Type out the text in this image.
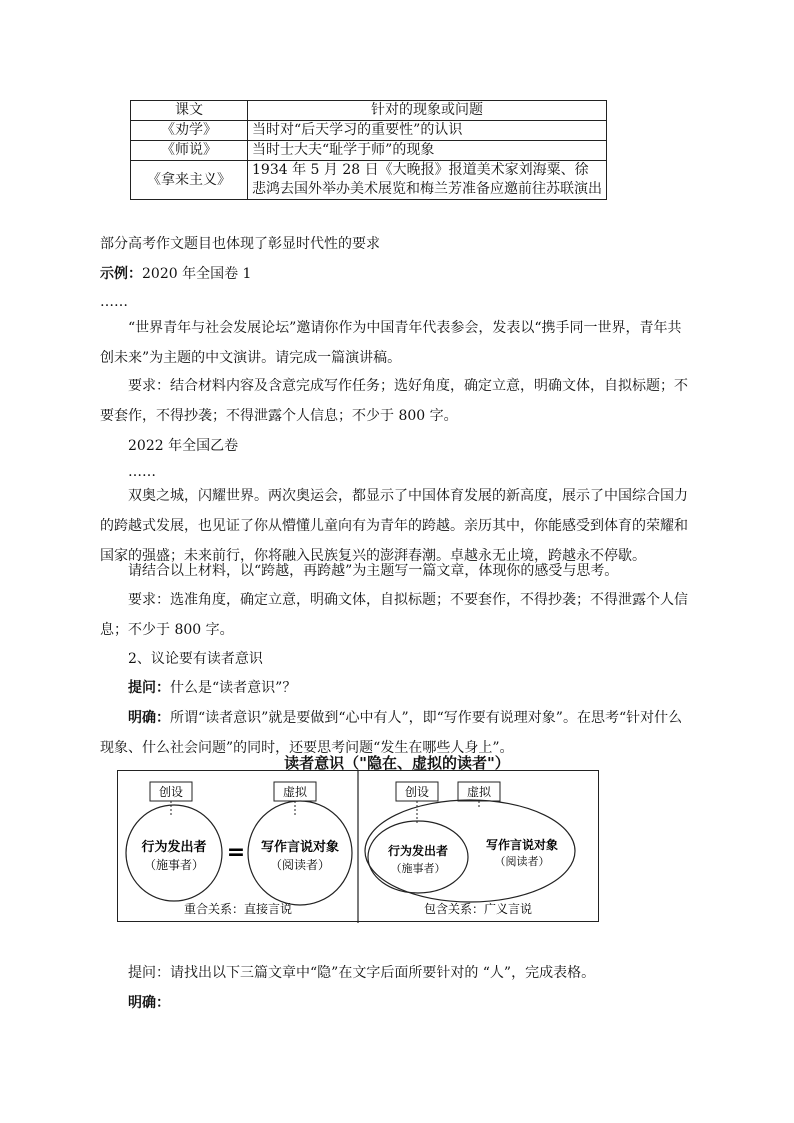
课文	针对的现象或问题
《劝学》	当时对“后天学习的重要性”的认识
《师说》	当时士大夫“耻学于师”的现象
《拿来主义》	1934 年 5 月 28 日《大晚报》报道美术家刘海粟、徐悲鸿去国外举办美术展览和梅兰芳准备应邀前往苏联演出

部分高考作文题目也体现了彰显时代性的要求

示例：2020 年全国卷 1

……

“世界青年与社会发展论坛”邀请你作为中国青年代表参会，发表以“携手同一世界，青年共创未来”为主题的中文演讲。请完成一篇演讲稿。

要求：结合材料内容及含意完成写作任务；选好角度，确定立意，明确文体，自拟标题；不要套作，不得抄袭；不得泄露个人信息；不少于 800 字。

2022 年全国乙卷

……

双奥之城，闪耀世界。两次奥运会，都显示了中国体育发展的新高度，展示了中国综合国力的跨越式发展，也见证了你从懵懂儿童向有为青年的跨越。亲历其中，你能感受到体育的荣耀和国家的强盛；未来前行，你将融入民族复兴的澎湃春潮。卓越永无止境，跨越永不停歇。

请结合以上材料，以“跨越，再跨越”为主题写一篇文章，体现你的感受与思考。

要求：选准角度，确定立意，明确文体，自拟标题；不要套作，不得抄袭；不得泄露个人信息；不少于 800 字。

2、议论要有读者意识

提问：什么是“读者意识”？

明确：所谓“读者意识”就是要做到“心中有人”，即“写作要有说理对象”。在思考“针对什么现象、什么社会问题”的同时，还要思考问题“发生在哪些人身上”。

读者意识（"隐在、虚拟的读者"）
创设	虚拟
行为发出者
（施事者） = 写作言说对象
（阅读者）
重合关系：直接言说
创设	虚拟
行为发出者
（施事者）
写作言说对象
（阅读者）
包含关系：广义言说

提问：请找出以下三篇文章中“隐”在文字后面所要针对的 “人”，完成表格。

明确：
